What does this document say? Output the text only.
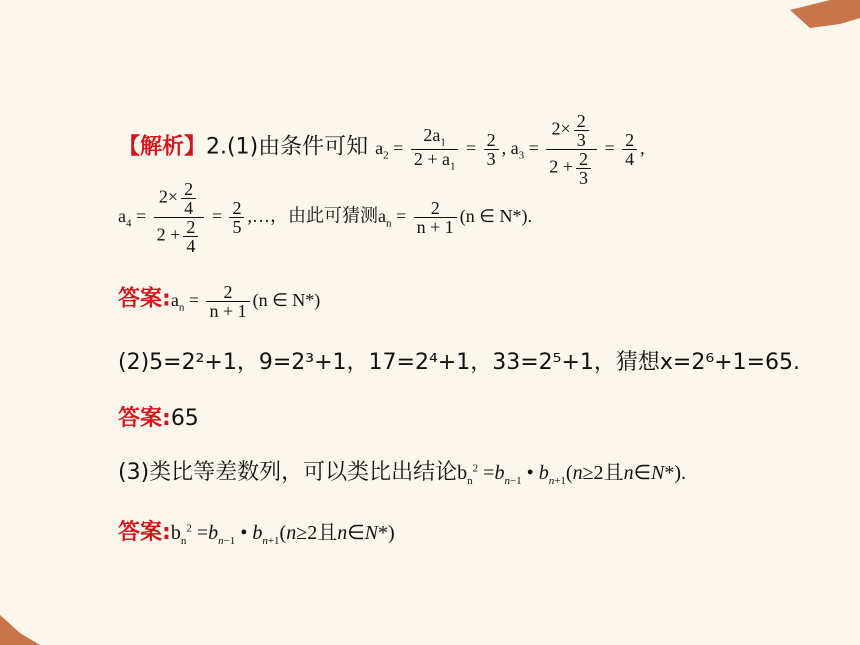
【解析】2.(1)由条件可知 $a_2 = \frac{2a_1}{2 + a_1} = \frac{2}{3}$ , $a_3 = \frac{2\times \frac{2}{3}}{2 + \frac{2}{3}} = \frac{2}{4}$ ,
$a_4 = \frac{2\times \frac{2}{4}}{2 + \frac{2}{4}} = \frac{2}{5}$ ,…，由此可猜测$a_n = \frac{2}{n + 1} (n$ ∈ N*).
答案$:a_n = \frac{2}{n + 1} (n$ ∈ N*)
(2)5=2²+1，9=2³+1，17=2⁴+1，33=2⁵+1，猜想x=2⁶+1=65.
答案:65
(3)类比等差数列，可以类比出结论$b_n^2 =b_{n-1}$ • $b_{n+1}(n\ge 2$且n∈N*).
答案$:b_n^2 =b_{n-1}$ • $b_{n+1}(n\ge 2$且n∈N*)
